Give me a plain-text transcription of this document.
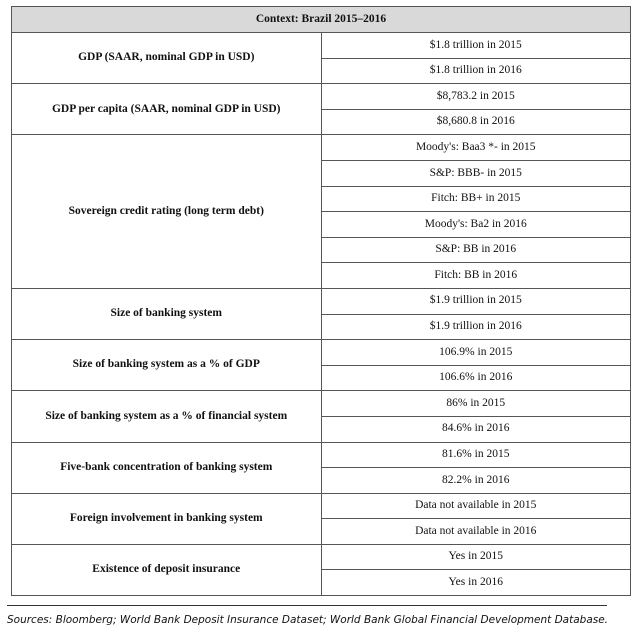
Context: Brazil 2015–2016	
GDP (SAAR, nominal GDP in USD)	$1.8 trillion in 2015
	$1.8 trillion in 2016
GDP per capita (SAAR, nominal GDP in USD)	$8,783.2 in 2015
	$8,680.8 in 2016
Sovereign credit rating (long term debt)	Moody's: Baa3 *- in 2015
	S&P: BBB- in 2015
	Fitch: BB+ in 2015
	Moody's: Ba2 in 2016
	S&P: BB in 2016
	Fitch: BB in 2016
Size of banking system	$1.9 trillion in 2015
	$1.9 trillion in 2016
Size of banking system as a % of GDP	106.9% in 2015
	106.6% in 2016
Size of banking system as a % of financial system	86% in 2015
	84.6% in 2016
Five-bank concentration of banking system	81.6% in 2015
	82.2% in 2016
Foreign involvement in banking system	Data not available in 2015
	Data not available in 2016
Existence of deposit insurance	Yes in 2015
	Yes in 2016
Sources: Bloomberg; World Bank Deposit Insurance Dataset; World Bank Global Financial Development Database.
